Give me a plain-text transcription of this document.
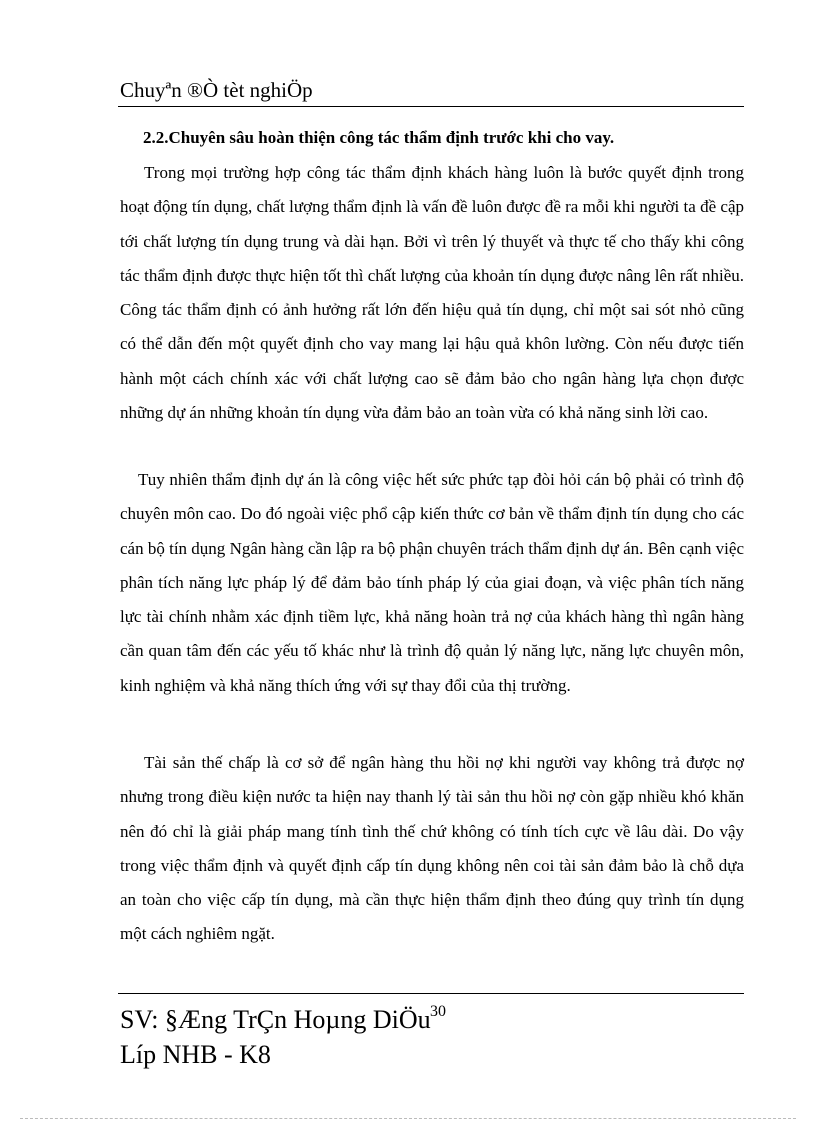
Chuyªn ®Ò tèt nghiÖp
2.2.Chuyên sâu hoàn thiện công tác thẩm định trước khi cho vay.

Trong mọi trường hợp công tác thẩm định khách hàng luôn là bước quyết định trong hoạt động tín dụng, chất lượng thẩm định là vấn đề luôn được đề ra mỗi khi người ta đề cập tới chất lượng tín dụng trung và dài hạn. Bởi vì trên lý thuyết và thực tế cho thấy khi công tác thẩm định được thực hiện tốt thì chất lượng của khoản tín dụng được nâng lên rất nhiều. Công tác thẩm định có ảnh hưởng rất lớn đến hiệu quả tín dụng, chỉ một sai sót nhỏ cũng có thể dẫn đến một quyết định cho vay mang lại hậu quả khôn lường. Còn nếu được tiến hành một cách chính xác với chất lượng cao sẽ đảm bảo cho ngân hàng lựa chọn được những dự án những khoản tín dụng vừa đảm bảo an toàn vừa có khả năng sinh lời cao.

Tuy nhiên thẩm định dự án là công việc hết sức phức tạp đòi hỏi cán bộ phải có trình độ chuyên môn cao. Do đó ngoài việc phổ cập kiến thức cơ bản về thẩm định tín dụng cho các cán bộ tín dụng Ngân hàng cần lập ra bộ phận chuyên trách thẩm định dự án. Bên cạnh việc phân tích năng lực pháp lý để đảm bảo tính pháp lý của giai đoạn, và việc phân tích năng lực tài chính nhằm xác định tiềm lực, khả năng hoàn trả nợ của khách hàng thì ngân hàng cần quan tâm đến các yếu tố khác như là trình độ quản lý năng lực, năng lực chuyên môn, kinh nghiệm và khả năng thích ứng với sự thay đổi của thị trường.

Tài sản thế chấp là cơ sở để ngân hàng thu hồi nợ khi người vay không trả được nợ nhưng trong điều kiện nước ta hiện nay thanh lý tài sản thu hồi nợ còn gặp nhiều khó khăn nên đó chỉ là giải pháp mang tính tình thế chứ không có tính tích cực về lâu dài. Do vậy trong việc thẩm định và quyết định cấp tín dụng không nên coi tài sản đảm bảo là chỗ dựa an toàn cho việc cấp tín dụng, mà cần thực hiện thẩm định theo đúng quy trình tín dụng một cách nghiêm ngặt.

SV: §Æng TrÇn Hoµng DiÖu 30
Líp NHB - K8
